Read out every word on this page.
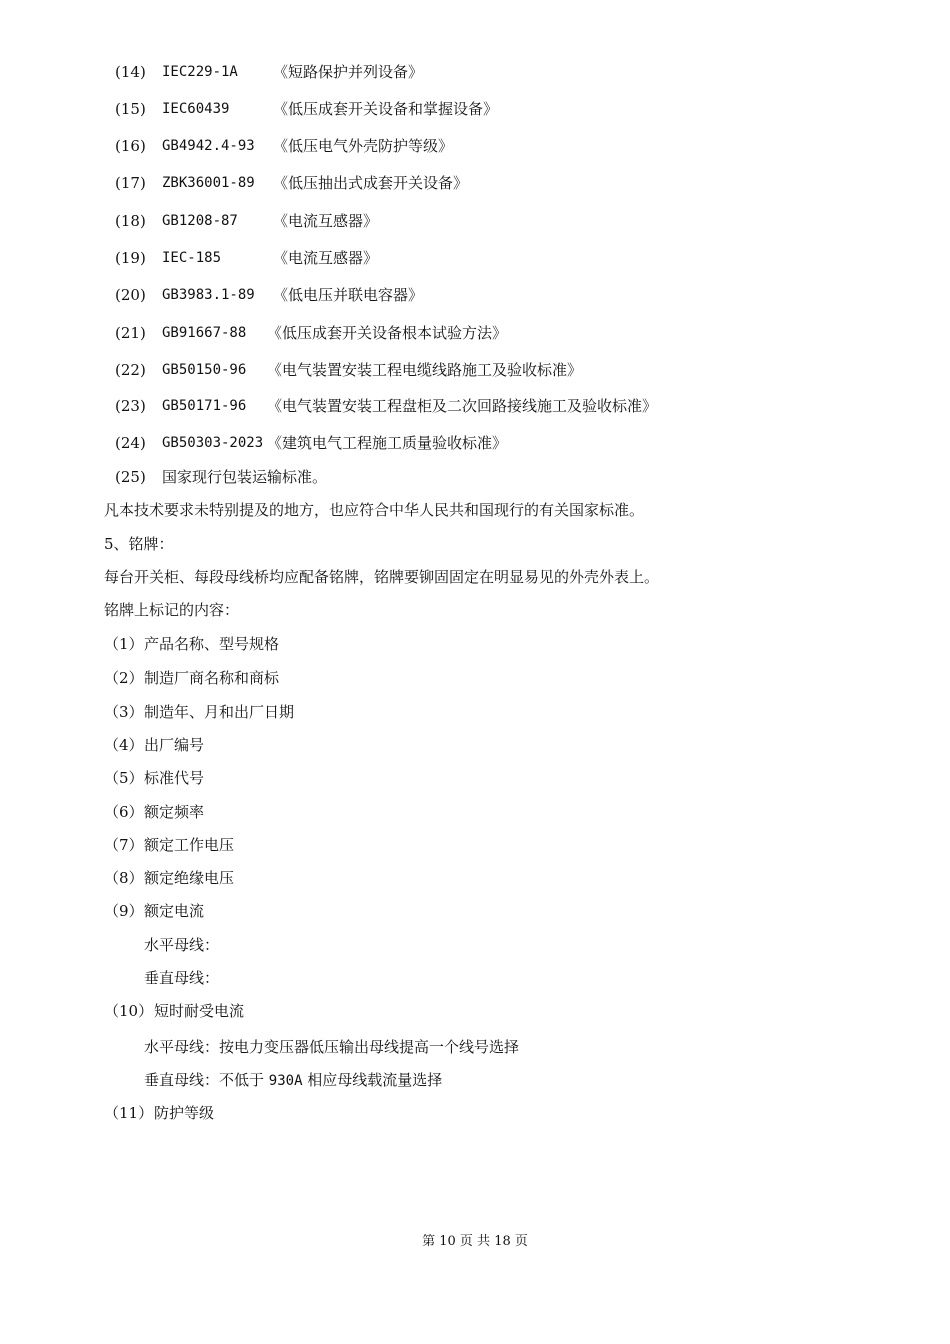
(14) IEC229-1A 《短路保护并列设备》
(15) IEC60439	《低压成套开关设备和掌握设备》
(16) GB4942.4-93 《低压电气外壳防护等级》
(17) ZBK36001-89 《低压抽出式成套开关设备》
(18) GB1208-87 《电流互感器》
(19) IEC-185	《电流互感器》
(20) GB3983.1-89 《低电压并联电容器》
(21) GB91667-88 《低压成套开关设备根本试验方法》
(22) GB50150-96 《电气装置安装工程电缆线路施工及验收标准》
(23) GB50171-96 《电气装置安装工程盘柜及二次回路接线施工及验收标准》
(24) GB50303-2023 《建筑电气工程施工质量验收标准》
(25) 国家现行包装运输标准。
凡本技术要求未特别提及的地方，也应符合中华人民共和国现行的有关国家标准。
5、铭牌：
每台开关柜、每段母线桥均应配备铭牌，铭牌要铆固固定在明显易见的外壳外表上。
铭牌上标记的内容：
（1） 产品名称、型号规格
（2） 制造厂商名称和商标
（3） 制造年、月和出厂日期
（4） 出厂编号
（5） 标准代号
（6） 额定频率
（7） 额定工作电压
（8） 额定绝缘电压
（9） 额定电流
水平母线：
垂直母线：
（10） 短时耐受电流
水平母线：按电力变压器低压输出母线提高一个线号选择
垂直母线：不低于 930A 相应母线载流量选择
（11） 防护等级
第 10 页 共 18 页
